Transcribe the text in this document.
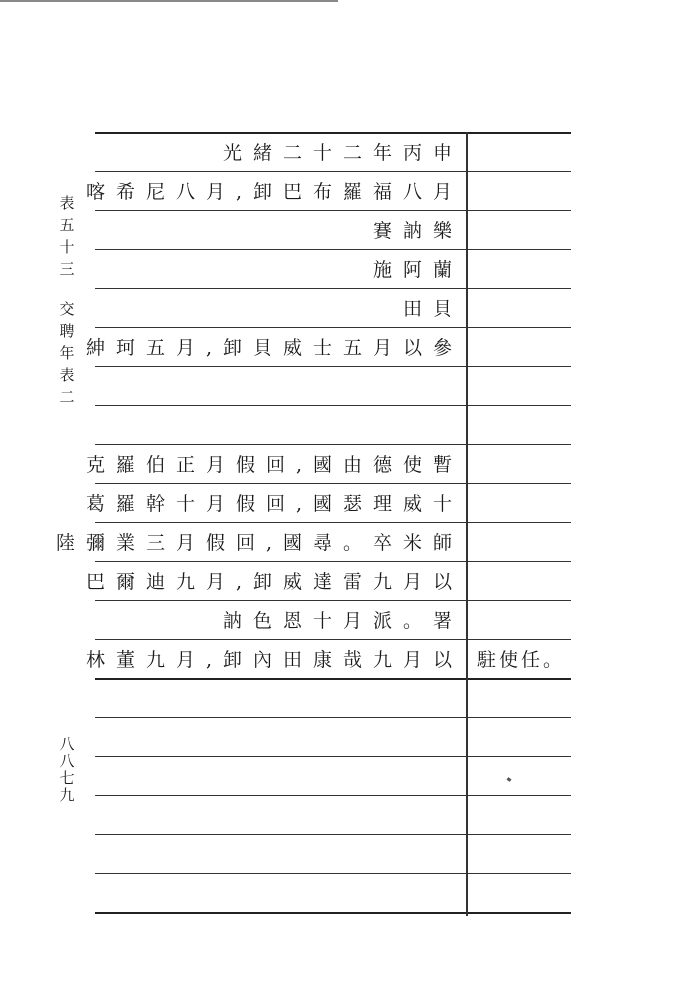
表五十三
交聘年表二
八八七九
光緒二十二年丙申
喀希尼八月,卸巴布羅福八月
賽訥樂
施阿蘭
田貝
紳珂五月,卸貝威士五月以參
克羅伯正月假回,國由德使暫
葛羅幹十月假回,國瑟理威十
陸彌業三月假回,國尋。卒米師
巴爾迪九月,卸威達雷九月以
訥色恩十月派。署
林董九月,卸內田康哉九月以 駐使任。
